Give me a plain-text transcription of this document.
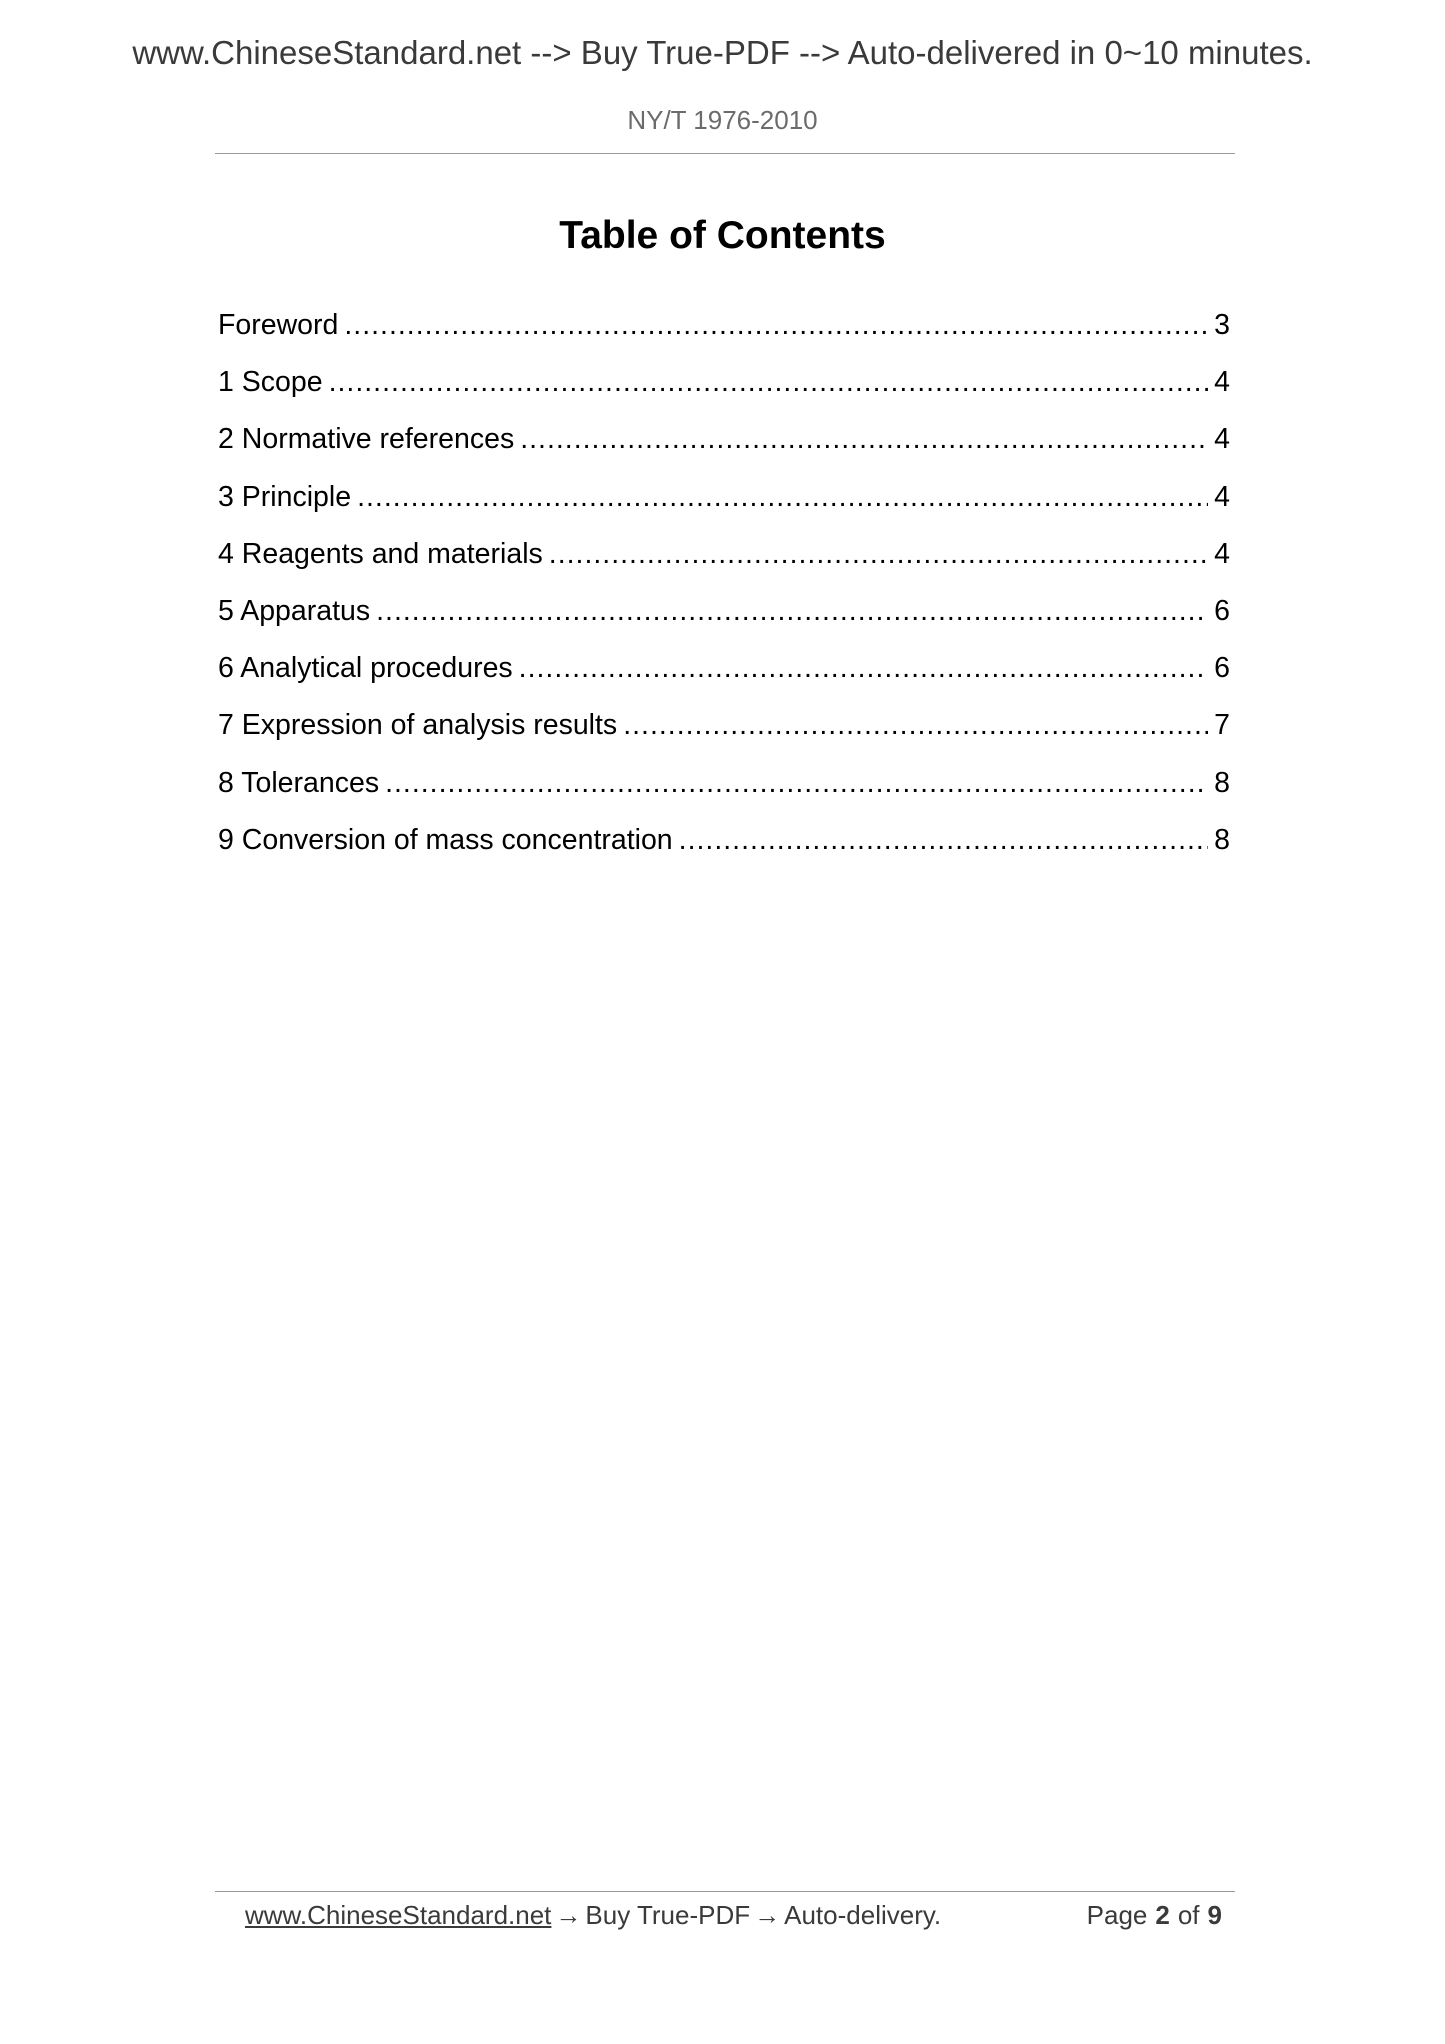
www.ChineseStandard.net --> Buy True-PDF --> Auto-delivered in 0~10 minutes.
NY/T 1976-2010
Table of Contents
Foreword .....	3
1 Scope .....	4
2 Normative references .....	4
3 Principle .....	4
4 Reagents and materials .....	4
5 Apparatus .....	6
6 Analytical procedures .....	6
7 Expression of analysis results .....	7
8 Tolerances .....	8
9 Conversion of mass concentration .....	8
www.ChineseStandard.net → Buy True-PDF → Auto-delivery.	Page 2 of 9
